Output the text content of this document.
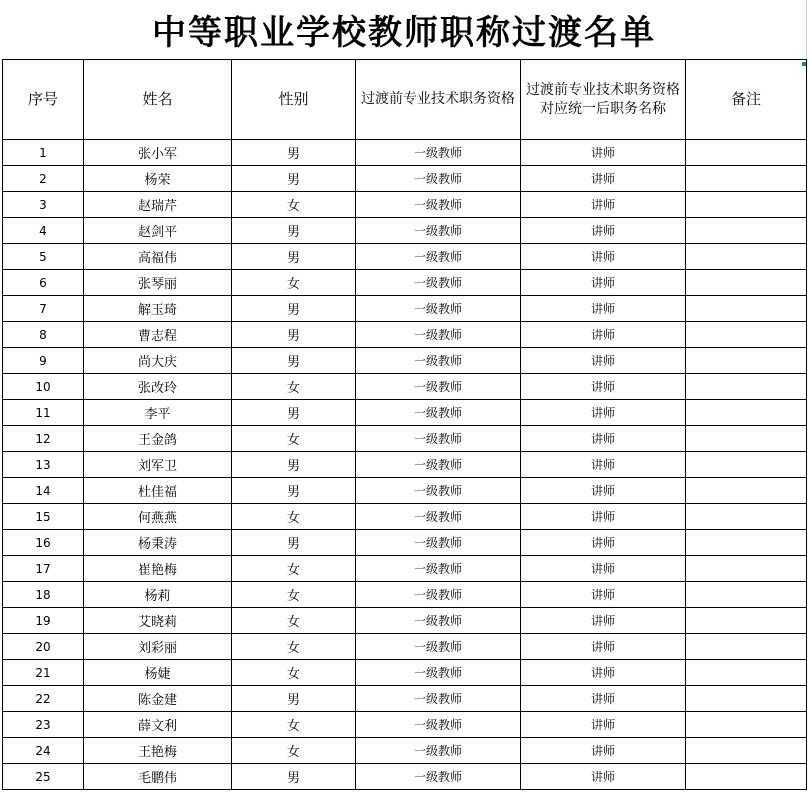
中等职业学校教师职称过渡名单
序号	姓名	性别	过渡前专业技术职务资格	过渡前专业技术职务资格对应统一后职务名称	备注
1	张小军	男	一级教师	讲师	
2	杨荣	男	一级教师	讲师	
3	赵瑞芹	女	一级教师	讲师	
4	赵剑平	男	一级教师	讲师	
5	高福伟	男	一级教师	讲师	
6	张琴丽	女	一级教师	讲师	
7	解玉琦	男	一级教师	讲师	
8	曹志程	男	一级教师	讲师	
9	尚大庆	男	一级教师	讲师	
10	张改玲	女	一级教师	讲师	
11	李平	男	一级教师	讲师	
12	王金鸽	女	一级教师	讲师	
13	刘军卫	男	一级教师	讲师	
14	杜佳福	男	一级教师	讲师	
15	何燕燕	女	一级教师	讲师	
16	杨秉涛	男	一级教师	讲师	
17	崔艳梅	女	一级教师	讲师	
18	杨莉	女	一级教师	讲师	
19	艾晓莉	女	一级教师	讲师	
20	刘彩丽	女	一级教师	讲师	
21	杨婕	女	一级教师	讲师	
22	陈金建	男	一级教师	讲师	
23	薛文利	女	一级教师	讲师	
24	王艳梅	女	一级教师	讲师	
25	毛鹏伟	男	一级教师	讲师	
